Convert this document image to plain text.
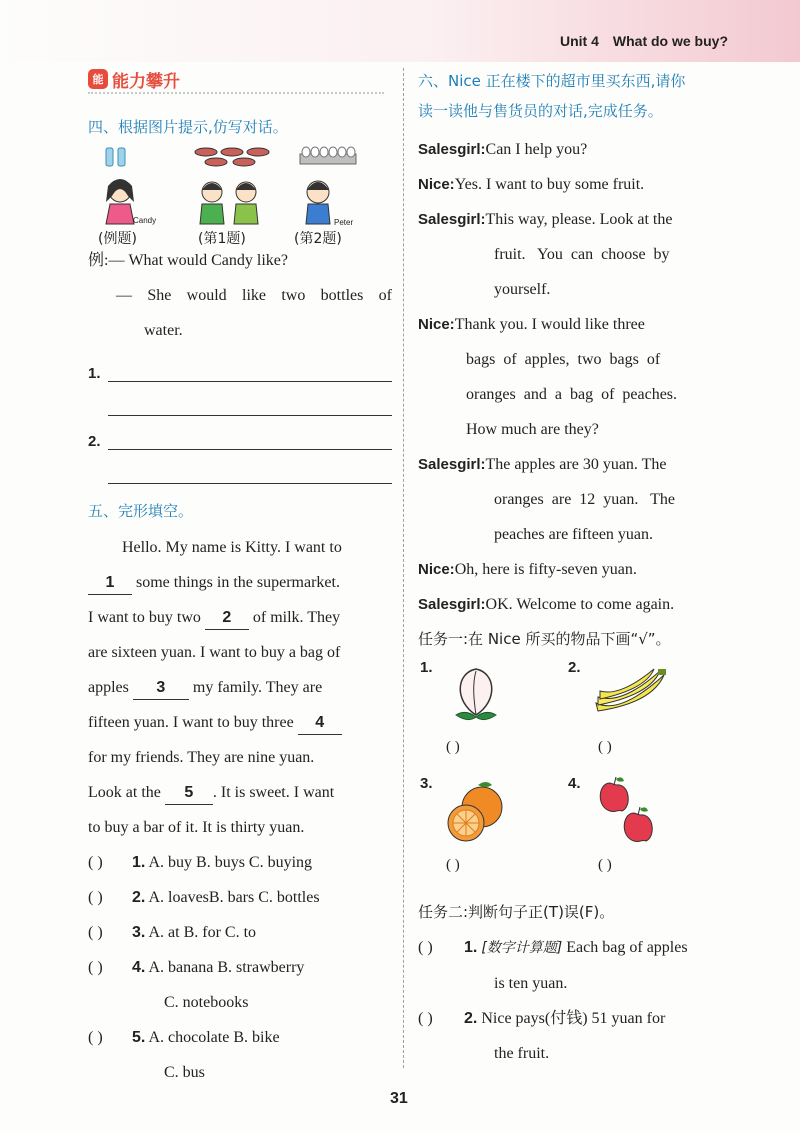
Unit 4 What do we buy?
能 能力攀升
四、根据图片提示,仿写对话。
Candy	Peter
(例题)	(第1题)	(第2题)
例:— What would Candy like?
— She would like two bottles of
water.
1.
2.
五、完形填空。
Hello. My name is Kitty. I want to
1 some things in the supermarket.
I want to buy two 2 of milk. They
are sixteen yuan. I want to buy a bag of
apples 3 my family. They are
fifteen yuan. I want to buy three 4
for my friends. They are nine yuan.
Look at the 5 . It is sweet. I want
to buy a bar of it. It is thirty yuan.
( ) 1. A. buy B. buys C. buying
( ) 2. A. loavesB. bars C. bottles
( ) 3. A. at B. for C. to
( ) 4. A. banana B. strawberry
C. notebooks
( ) 5. A. chocolate B. bike
C. bus
六、Nice 正在楼下的超市里买东西,请你
读一读他与售货员的对话,完成任务。
Salesgirl:Can I help you?
Nice:Yes. I want to buy some fruit.
Salesgirl:This way, please. Look at the
fruit.   You  can  choose  by
yourself.
Nice:Thank you. I would like three
bags  of  apples,  two  bags  of
oranges  and  a  bag  of  peaches.
How much are they?
Salesgirl:The apples are 30 yuan. The
oranges  are  12  yuan.   The
peaches are fifteen yuan.
Nice:Oh, here is fifty-seven yuan.
Salesgirl:OK. Welcome to come again.
任务一:在 Nice 所买的物品下画“√”。
1.
( )
2.
( )
3.
( )
4.
( )
任务二:判断句子正(T)误(F)。
( ) 1. [数字计算题] Each bag of apples
is ten yuan.
( ) 2. Nice pays(付钱) 51 yuan for
the fruit.
31
